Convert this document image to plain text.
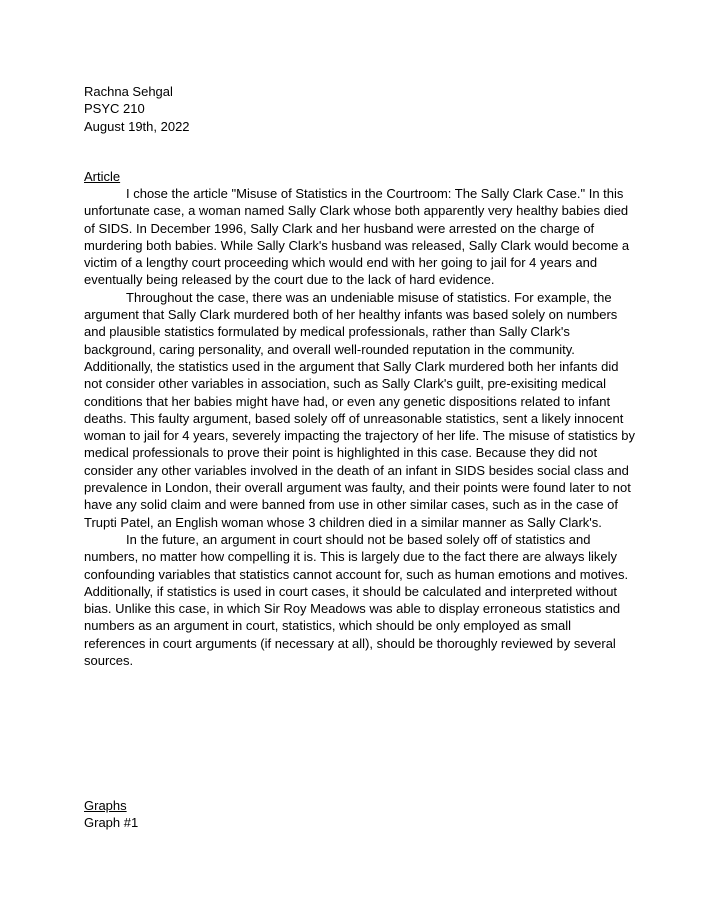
Rachna Sehgal
PSYC 210
August 19th, 2022
Article

I chose the article "Misuse of Statistics in the Courtroom: The Sally Clark Case." In this unfortunate case, a woman named Sally Clark whose both apparently very healthy babies died of SIDS. In December 1996, Sally Clark and her husband were arrested on the charge of murdering both babies. While Sally Clark's husband was released, Sally Clark would become a victim of a lengthy court proceeding which would end with her going to jail for 4 years and eventually being released by the court due to the lack of hard evidence.

Throughout the case, there was an undeniable misuse of statistics. For example, the argument that Sally Clark murdered both of her healthy infants was based solely on numbers and plausible statistics formulated by medical professionals, rather than Sally Clark's background, caring personality, and overall well-rounded reputation in the community. Additionally, the statistics used in the argument that Sally Clark murdered both her infants did not consider other variables in association, such as Sally Clark's guilt, pre-exisiting medical conditions that her babies might have had, or even any genetic dispositions related to infant deaths. This faulty argument, based solely off of unreasonable statistics, sent a likely innocent woman to jail for 4 years, severely impacting the trajectory of her life. The misuse of statistics by medical professionals to prove their point is highlighted in this case. Because they did not consider any other variables involved in the death of an infant in SIDS besides social class and prevalence in London, their overall argument was faulty, and their points were found later to not have any solid claim and were banned from use in other similar cases, such as in the case of Trupti Patel, an English woman whose 3 children died in a similar manner as Sally Clark's.

In the future, an argument in court should not be based solely off of statistics and numbers, no matter how compelling it is. This is largely due to the fact there are always likely confounding variables that statistics cannot account for, such as human emotions and motives. Additionally, if statistics is used in court cases, it should be calculated and interpreted without bias. Unlike this case, in which Sir Roy Meadows was able to display erroneous statistics and numbers as an argument in court, statistics, which should be only employed as small references in court arguments (if necessary at all), should be thoroughly reviewed by several sources.

Graphs
Graph #1
